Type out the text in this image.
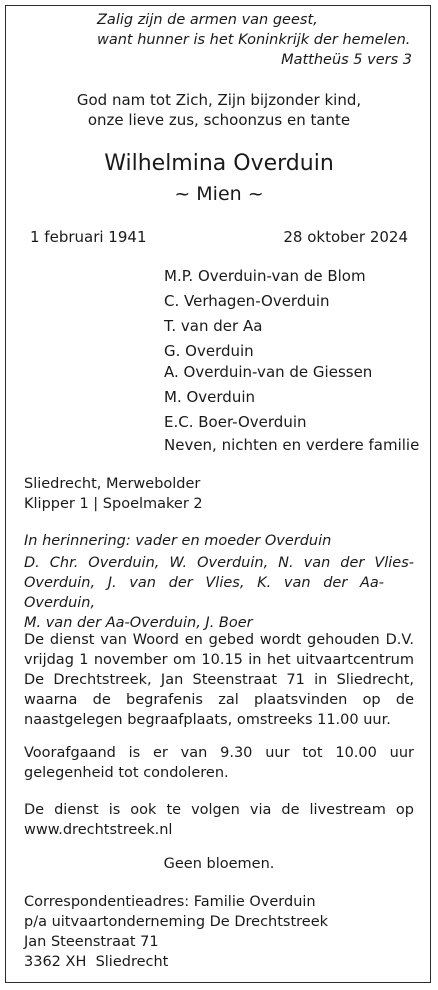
Zalig zijn de armen van geest,
want hunner is het Koninkrijk der hemelen.
Mattheüs 5 vers 3
God nam tot Zich, Zijn bijzonder kind,
onze lieve zus, schoonzus en tante
Wilhelmina Overduin
~ Mien ~
1 februari 1941	28 oktober 2024
M.P. Overduin-van de Blom
C. Verhagen-Overduin
T. van der Aa
G. Overduin
A. Overduin-van de Giessen
M. Overduin
E.C. Boer-Overduin
Neven, nichten en verdere familie
Sliedrecht, Merwebolder
Klipper 1 | Spoelmaker 2
In herinnering: vader en moeder Overduin
D. Chr. Overduin, W. Overduin, N. van der Vlies-
Overduin, J. van der Vlies, K. van der Aa-Overduin,
M. van der Aa-Overduin, J. Boer
De dienst van Woord en gebed wordt gehouden D.V.
vrijdag 1 november om 10.15 in het uitvaartcentrum
De Drechtstreek, Jan Steenstraat 71 in Sliedrecht,
waarna de begrafenis zal plaatsvinden op de
naastgelegen begraafplaats, omstreeks 11.00 uur.
Voorafgaand is er van 9.30 uur tot 10.00 uur
gelegenheid tot condoleren.
De dienst is ook te volgen via de livestream op
www.drechtstreek.nl
Geen bloemen.
Correspondentieadres: Familie Overduin
p/a uitvaartonderneming De Drechtstreek
Jan Steenstraat 71
3362 XH  Sliedrecht
